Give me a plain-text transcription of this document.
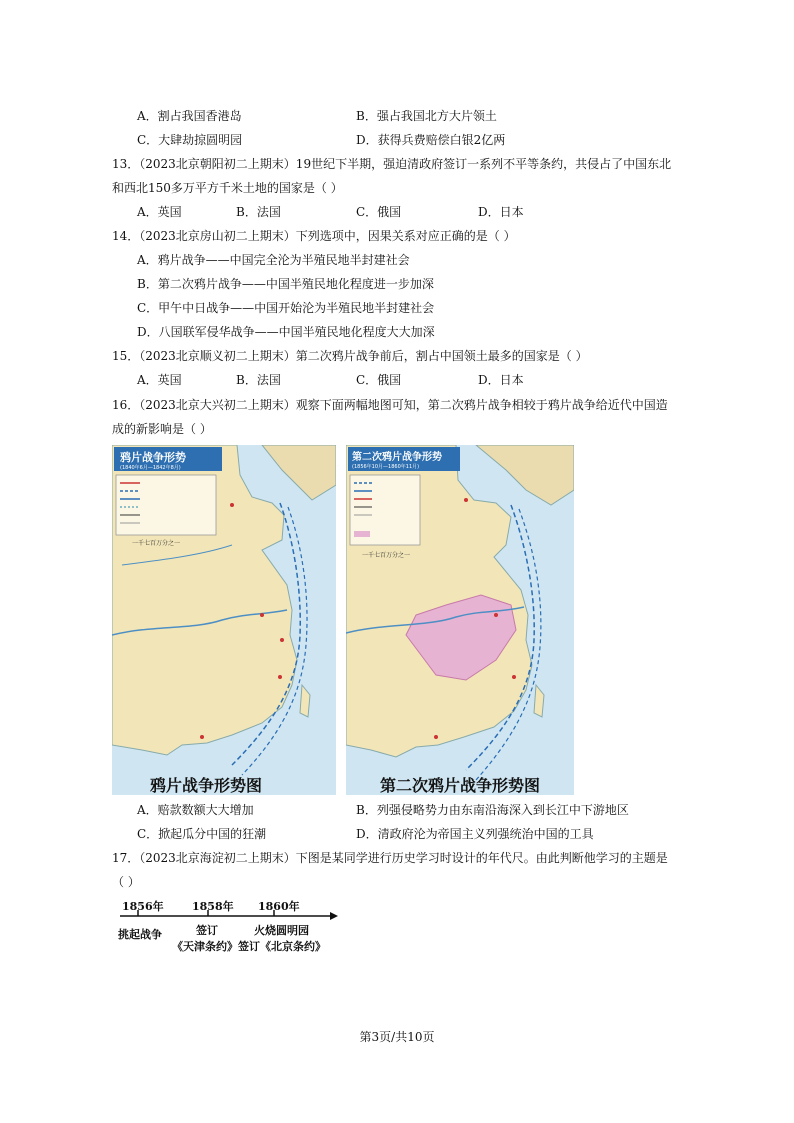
A．割占我国香港岛	B．强占我国北方大片领土
C．大肆劫掠圆明园	D．获得兵费赔偿白银2亿两
13．（2023北京朝阳初二上期末）19世纪下半期，强迫清政府签订一系列不平等条约，共侵占了中国东北
和西北150多万平方千米土地的国家是（ ）
A．英国	B．法国	C．俄国	D．日本
14．（2023北京房山初二上期末）下列选项中，因果关系对应正确的是（ ）
A．鸦片战争——中国完全沦为半殖民地半封建社会
B．第二次鸦片战争——中国半殖民地化程度进一步加深
C．甲午中日战争——中国开始沦为半殖民地半封建社会
D．八国联军侵华战争——中国半殖民地化程度大大加深
15．（2023北京顺义初二上期末）第二次鸦片战争前后，割占中国领土最多的国家是（ ）
A．英国	B．法国	C．俄国	D．日本
16．（2023北京大兴初二上期末）观察下面两幅地图可知，第二次鸦片战争相较于鸦片战争给近代中国造
成的新影响是（ ）
鸦片战争形势
(1840年6月—1842年8月)
一千七百万分之一
第二次鸦片战争形势
(1856年10月—1860年11月)
一千七百万分之一
鸦片战争形势图	第二次鸦片战争形势图
A．赔款数额大大增加	B．列强侵略势力由东南沿海深入到长江中下游地区
C．掀起瓜分中国的狂潮	D．清政府沦为帝国主义列强统治中国的工具
17．（2023北京海淀初二上期末）下图是某同学进行历史学习时设计的年代尺。由此判断他学习的主题是
（ ）
1856年	1858年 1860年
挑起战争	签订	火烧圆明园
《天津条约》签订《北京条约》
第3页/共10页
